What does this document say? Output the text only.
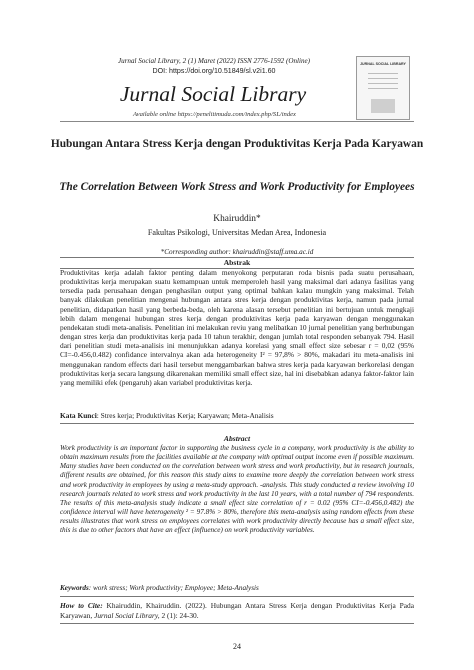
Jurnal Social Library, 2 (1) Maret (2022) ISSN 2776-1592 (Online)
DOI: https://doi.org/10.51849/sl.v2i1.60
Jurnal Social Library
Available online https://penelitimuda.com/index.php/SL/index
JURNAL SOCIAL LIBRARY
Hubungan Antara Stress Kerja dengan Produktivitas Kerja Pada Karyawan
The Correlation Between Work Stress and Work Productivity for Employees
Khairuddin*
Fakultas Psikologi, Universitas Medan Area, Indonesia
*Corresponding author: khairuddin@staff.uma.ac.id
Abstrak
Produktivitas kerja adalah faktor penting dalam menyokong perputaran roda bisnis pada suatu perusahaan, produktivitas kerja merupakan suatu kemampuan untuk memperoleh hasil yang maksimal dari adanya fasilitas yang tersedia pada perusahaan dengan penghasilan output yang optimal bahkan kalau mungkin yang maksimal. Telah banyak dilakukan penelitian mengenai hubungan antara stres kerja dengan produktivitas kerja, namun pada jurnal penelitian, didapatkan hasil yang berbeda-beda, oleh karena alasan tersebut penelitian ini bertujuan untuk mengkaji lebih dalam mengenai hubungan stres kerja dengan produktivitas kerja pada karyawan dengan menggunakan pendekatan studi meta-analisis. Penelitian ini melakukan reviu yang melibatkan 10 jurnal penelitian yang berhubungan dengan stres kerja dan produktivitas kerja pada 10 tahun terakhir, dengan jumlah total responden sebanyak 794. Hasil dari penelitian studi meta-analisis ini menunjukkan adanya korelasi yang small effect size sebesar r = 0,02 (95% CI=-0.456,0.482) confidance intervalnya akan ada heterogeneity I² = 97,8% > 80%, makadari itu meta-analisis ini menggunakan random effects dari hasil tersebut menggambarkan bahwa stres kerja pada karyawan berkorelasi dengan produktivitas kerja secara langsung dikarenakan memiliki small effect size, hal ini disebabkan adanya faktor-faktor lain yang memiliki efek (pengaruh) akan variabel produktivitas kerja.
Kata Kunci: Stres kerja; Produktivitas Kerja; Karyawan; Meta-Analisis
Abstract
Work productivity is an important factor in supporting the business cycle in a company, work productivity is the ability to obtain maximum results from the facilities available at the company with optimal output income even if possible maximum. Many studies have been conducted on the correlation between work stress and work productivity, but in research journals, different results are obtained, for this reason this study aims to examine more deeply the correlation between work stress and work productivity in employees by using a meta-study approach. -analysis. This study conducted a review involving 10 research journals related to work stress and work productivity in the last 10 years, with a total number of 794 respondents. The results of this meta-analysis study indicate a small effect size correlation of r = 0.02 (95% CI=-0.456,0.482) the confidence interval will have heterogeneity ² = 97.8% > 80%, therefore this meta-analysis using random effects from these results illustrates that work stress on employees correlates with work productivity directly because has a small effect size, this is due to other factors that have an effect (influence) on work productivity variables.
Keywords: work stress; Work productivity; Employee; Meta-Analysis
How to Cite: Khairuddin, Khairuddin. (2022). Hubungan Antara Stress Kerja dengan Produktivitas Kerja Pada Karyawan, Jurnal Social Library, 2 (1): 24-30.
24
